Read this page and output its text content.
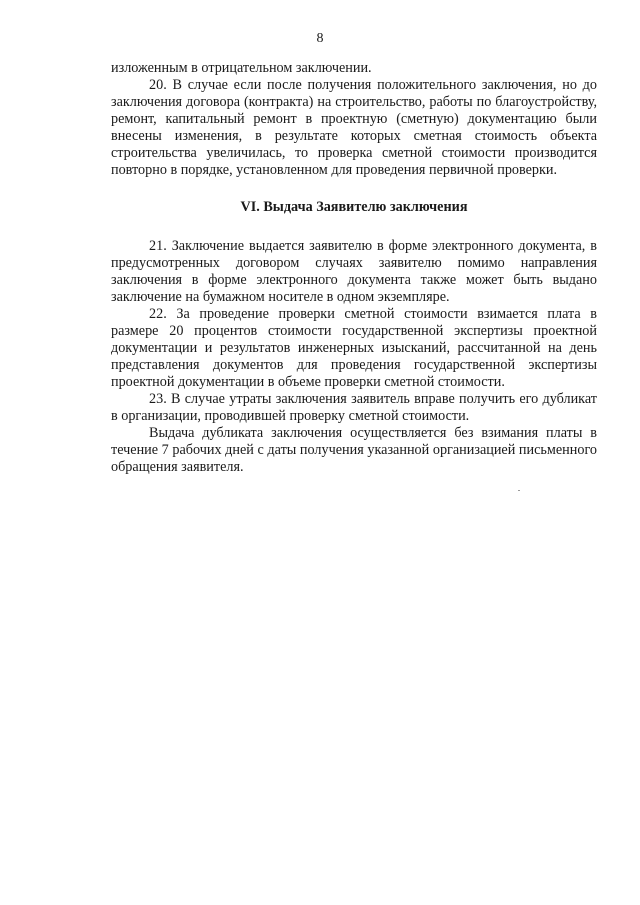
8

изложенным в отрицательном заключении.

20. В случае если после получения положительного заключения, но до заключения договора (контракта) на строительство, работы по благоустройству, ремонт, капитальный ремонт в проектную (сметную) документацию были внесены изменения, в результате которых сметная стоимость объекта строительства увеличилась, то проверка сметной стоимости производится повторно в порядке, установленном для проведения первичной проверки.

VI. Выдача Заявителю заключения

21. Заключение выдается заявителю в форме электронного документа, в предусмотренных договором случаях заявителю помимо направления заключения в форме электронного документа также может быть выдано заключение на бумажном носителе в одном экземпляре.

22. За проведение проверки сметной стоимости взимается плата в размере 20 процентов стоимости государственной экспертизы проектной документации и результатов инженерных изысканий, рассчитанной на день представления документов для проведения государственной экспертизы проектной документации в объеме проверки сметной стоимости.

23. В случае утраты заключения заявитель вправе получить его дубликат в организации, проводившей проверку сметной стоимости.

Выдача дубликата заключения осуществляется без взимания платы в течение 7 рабочих дней с даты получения указанной организацией письменного обращения заявителя.
